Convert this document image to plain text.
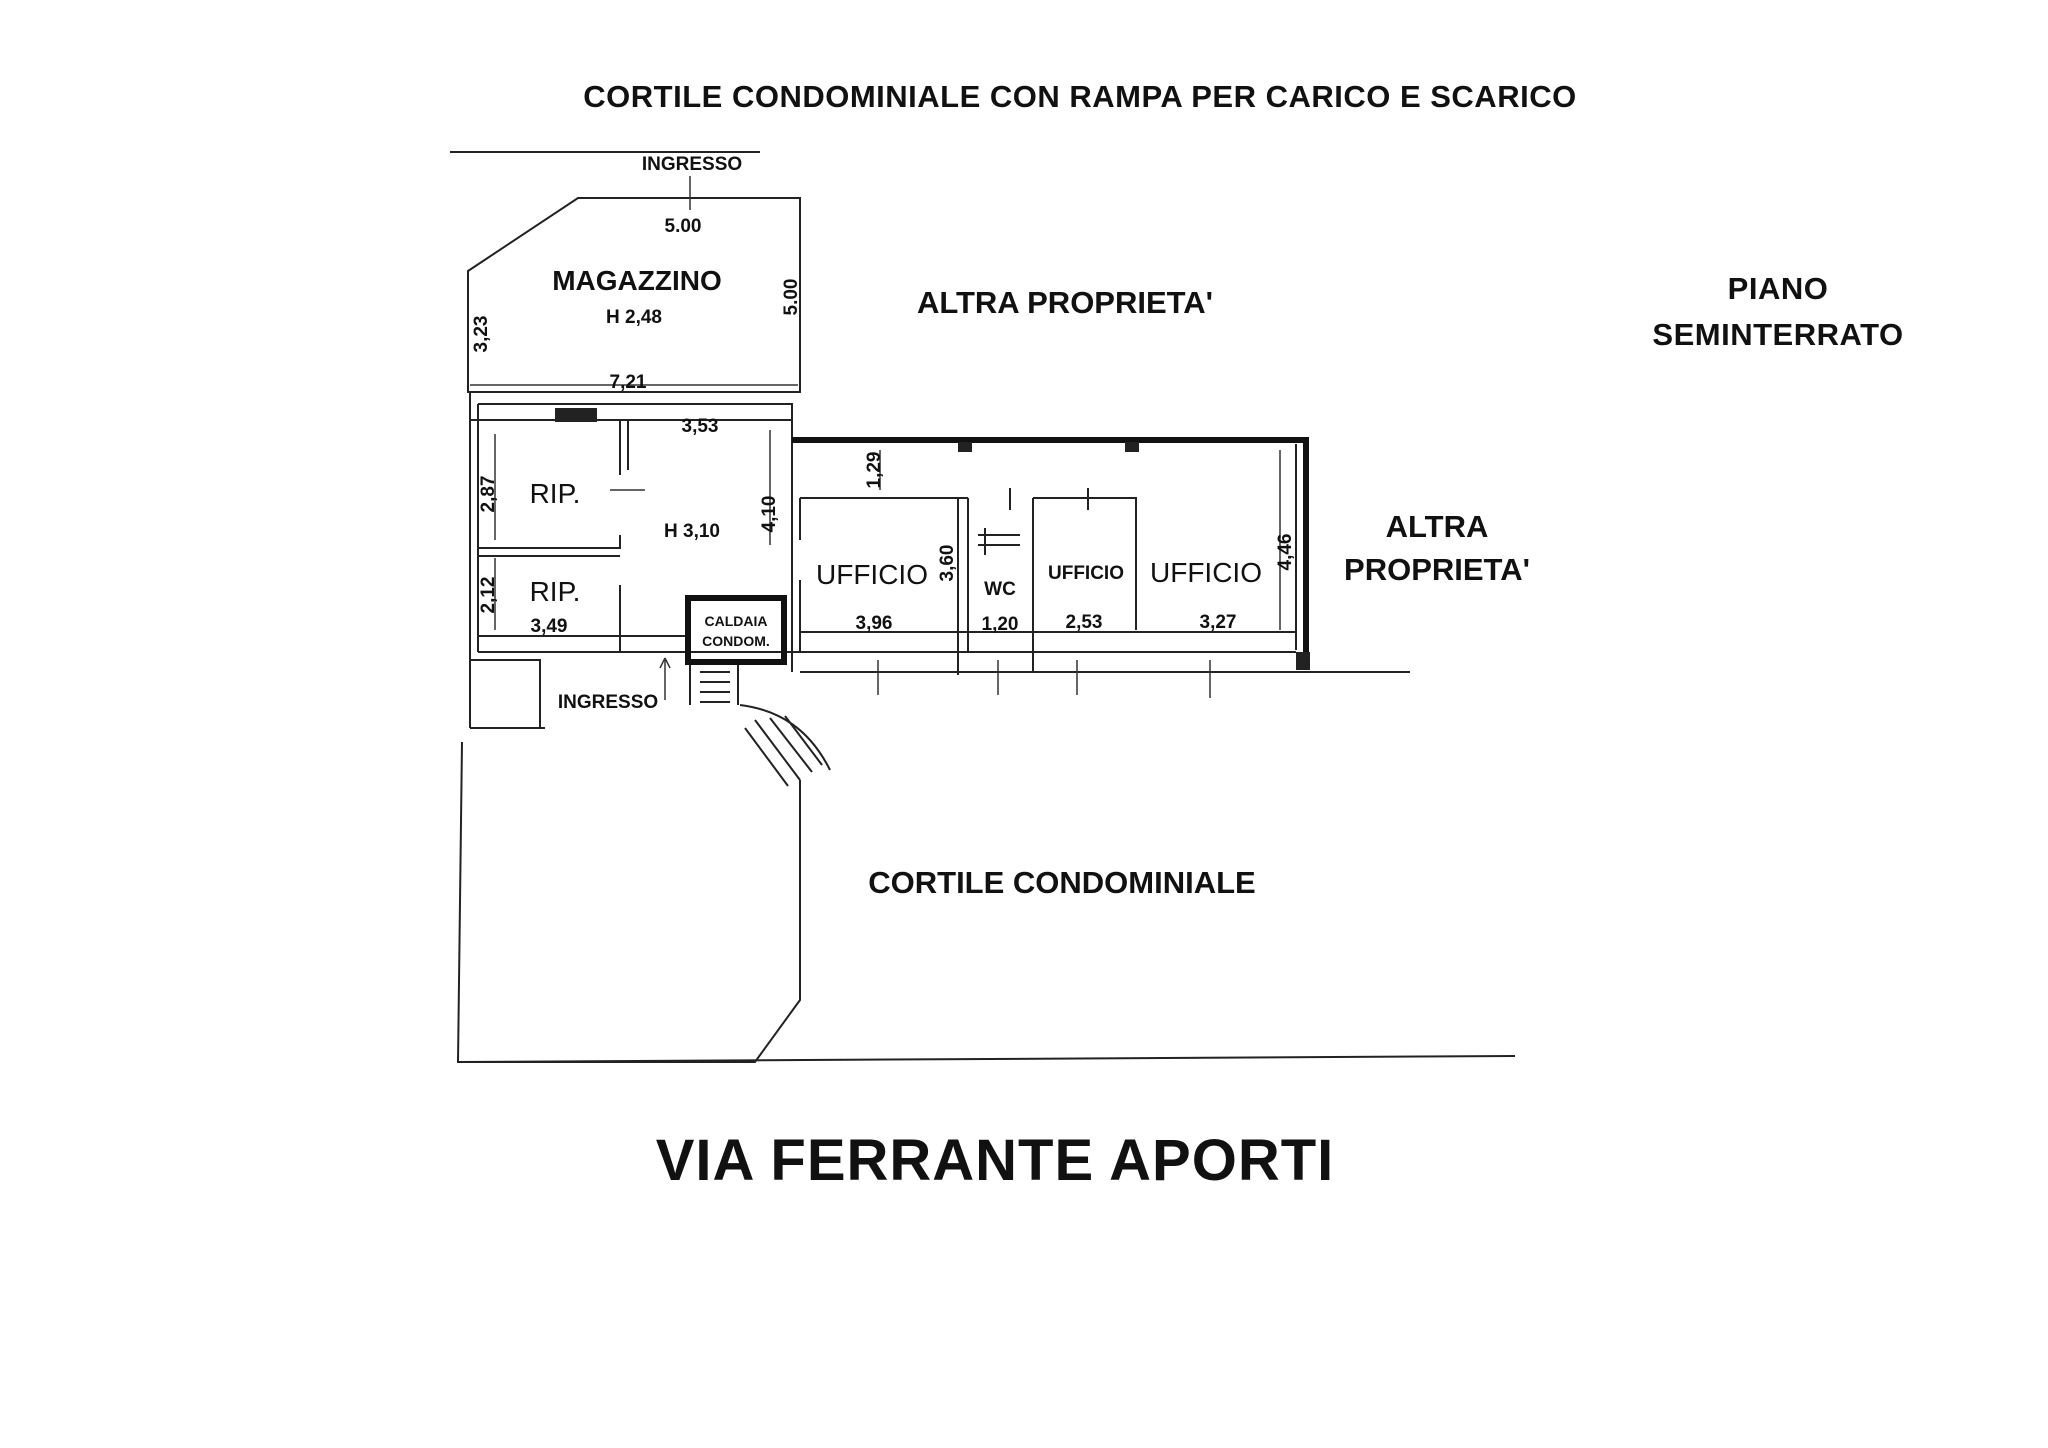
CORTILE CONDOMINIALE CON RAMPA PER CARICO E SCARICO
PIANO
SEMINTERRATO
ALTRA PROPRIETA'
ALTRA
PROPRIETA'
CORTILE CONDOMINIALE
VIA FERRANTE APORTI
INGRESSO
5.00
MAGAZZINO
H 2,48
5.00
3,23
7,21
CALDAIA
CONDOM.
RIP.
RIP.
H 3,10
3,53
2,87
2,12
3,49
4,10
INGRESSO
UFFICIO	WC
UFFICIO UFFICIO
1,29
3,60
3,96	1,20 2,53	3,27
4,46
